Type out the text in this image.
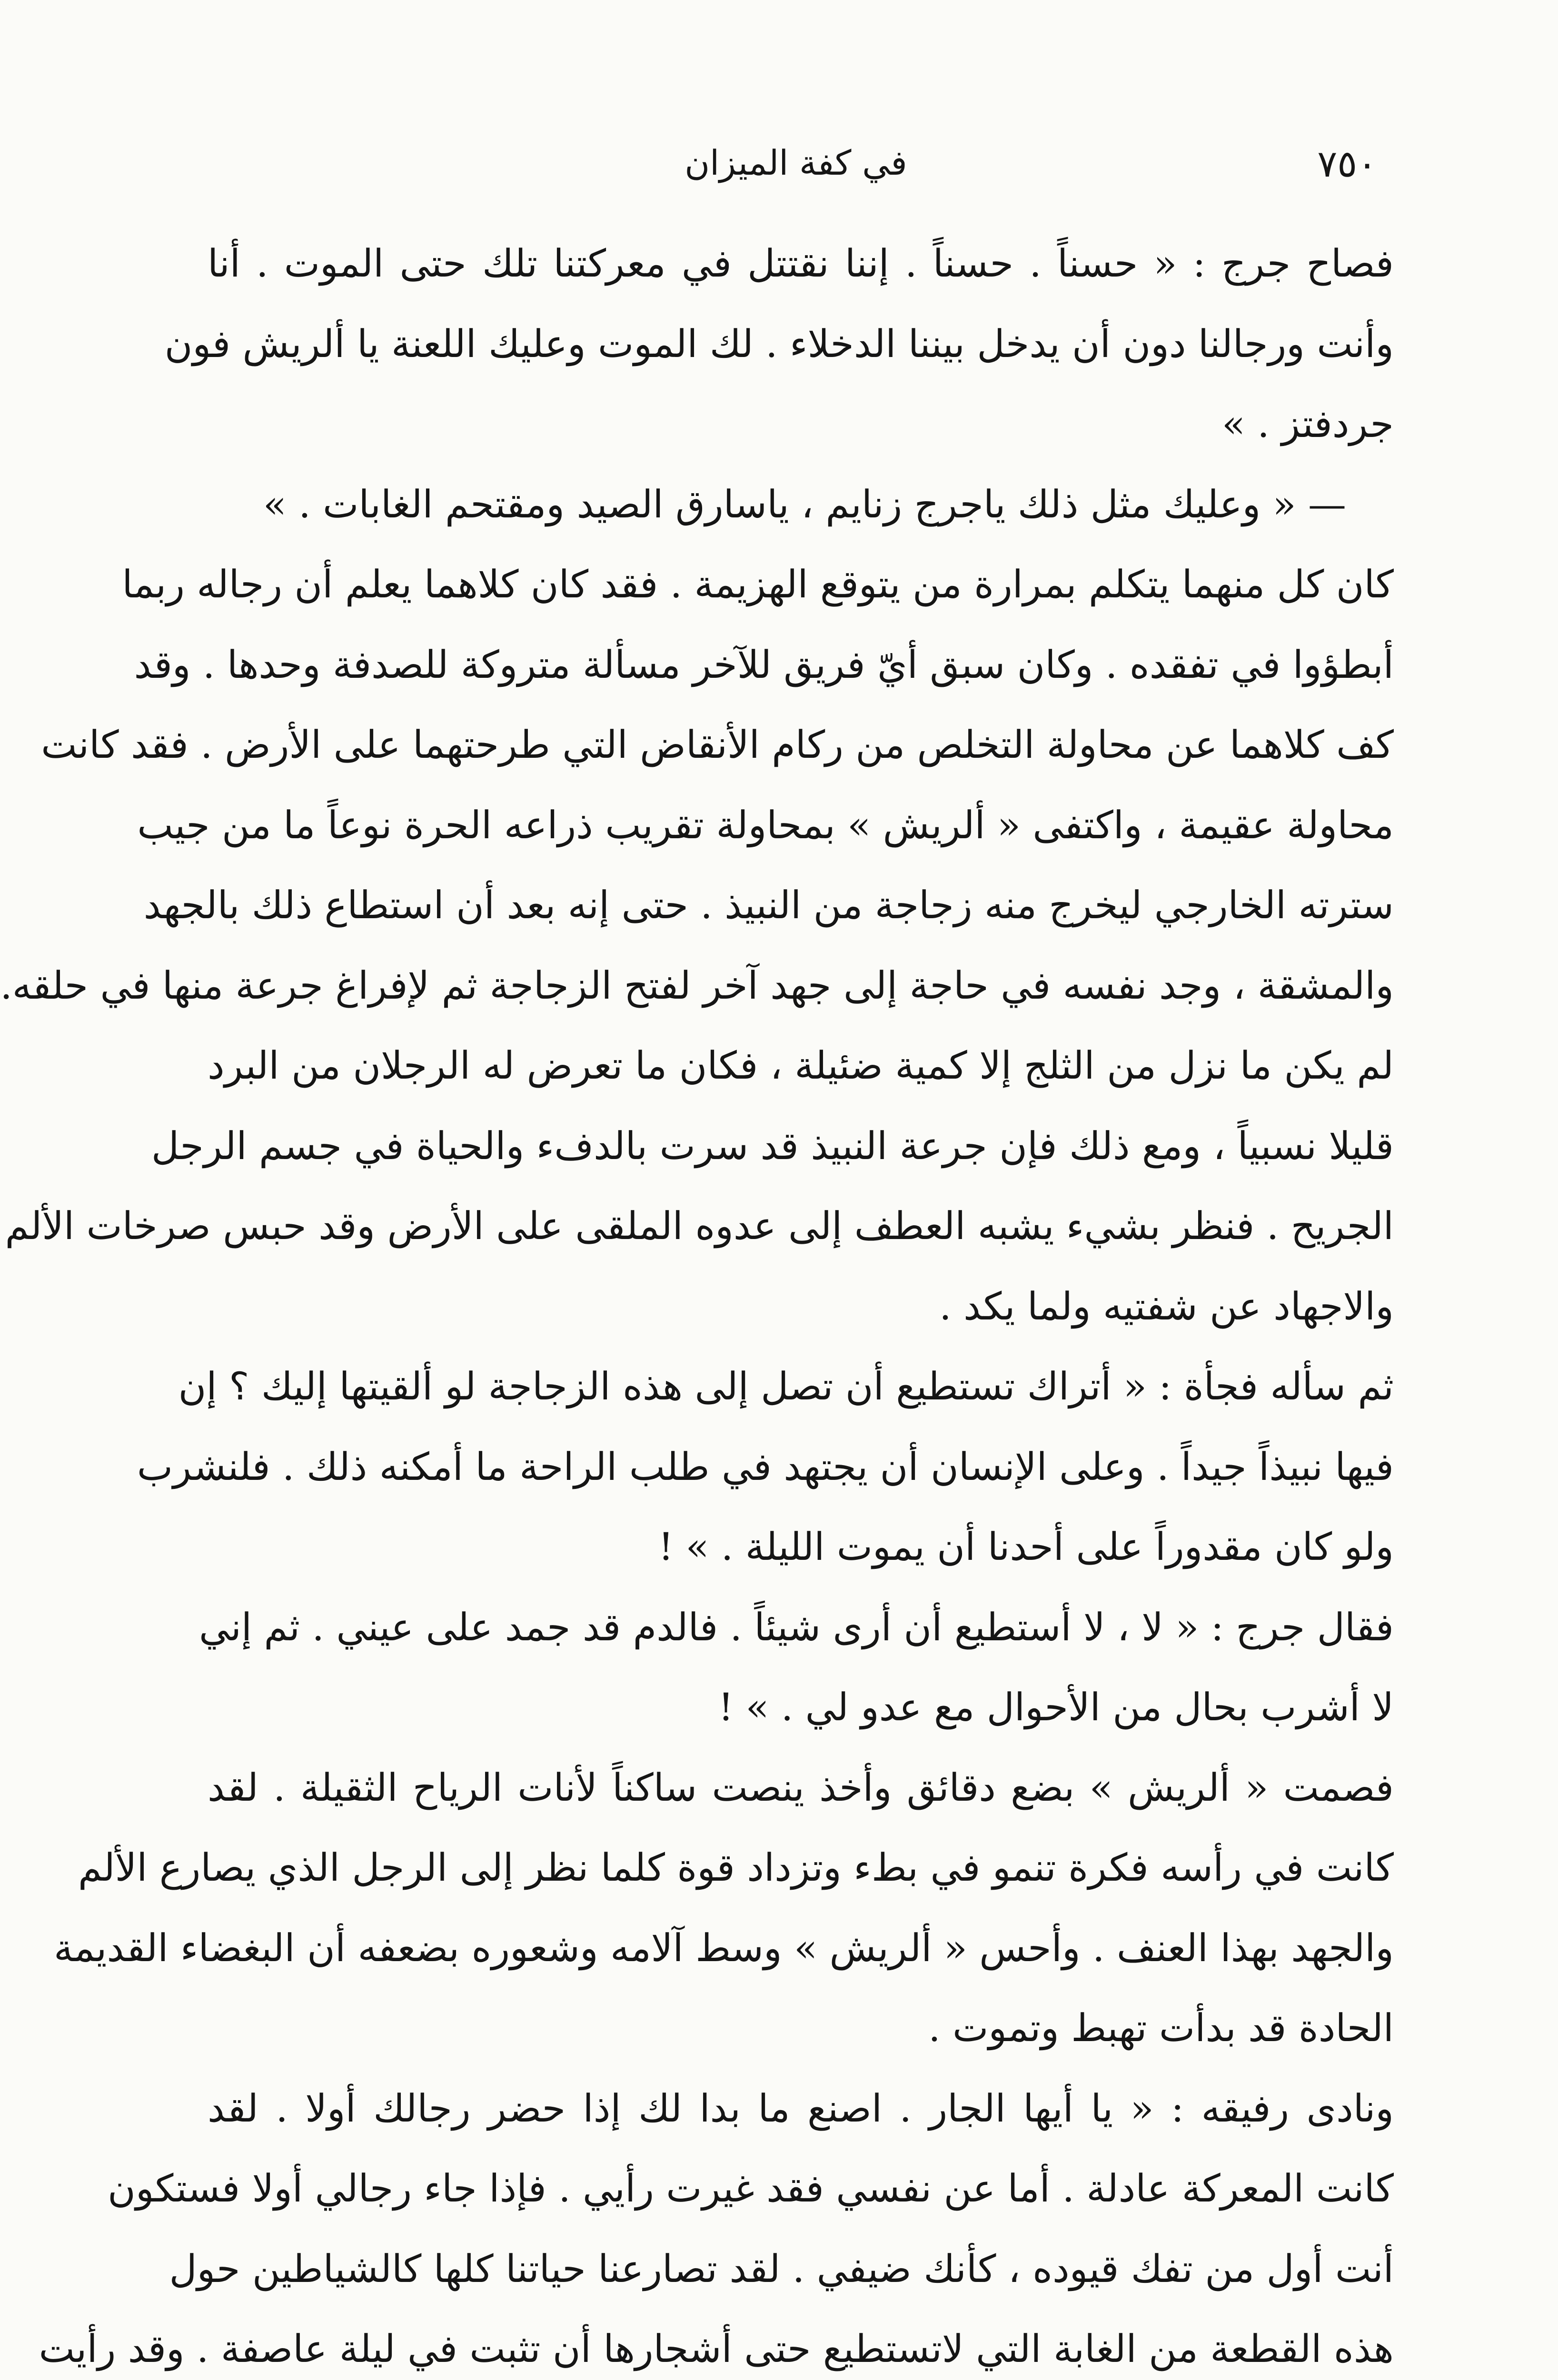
٧٥٠
في كفة الميزان
فصاح جرج : « حسناً . حسناً . إننا نقتتل في معركتنا تلك حتى الموت . أنا
وأنت ورجالنا دون أن يدخل بيننا الدخلاء . لك الموت وعليك اللعنة يا ألريش فون
جردفتز . »
— « وعليك مثل ذلك ياجرج زنايم ، ياسارق الصيد ومقتحم الغابات . »
كان كل منهما يتكلم بمرارة من يتوقع الهزيمة . فقد كان كلاهما يعلم أن رجاله ربما
أبطؤوا في تفقده . وكان سبق أيّ فريق للآخر مسألة متروكة للصدفة وحدها . وقد
كف كلاهما عن محاولة التخلص من ركام الأنقاض التي طرحتهما على الأرض . فقد كانت
محاولة عقيمة ، واكتفى « ألريش » بمحاولة تقريب ذراعه الحرة نوعاً ما من جيب
سترته الخارجي ليخرج منه زجاجة من النبيذ . حتى إنه بعد أن استطاع ذلك بالجهد
والمشقة ، وجد نفسه في حاجة إلى جهد آخر لفتح الزجاجة ثم لإفراغ جرعة منها في حلقه.
لم يكن ما نزل من الثلج إلا كمية ضئيلة ، فكان ما تعرض له الرجلان من البرد
قليلا نسبياً ، ومع ذلك فإن جرعة النبيذ قد سرت بالدفء والحياة في جسم الرجل
الجريح . فنظر بشيء يشبه العطف إلى عدوه الملقى على الأرض وقد حبس صرخات الألم
والاجهاد عن شفتيه ولما يكد .
ثم سأله فجأة : « أتراك تستطيع أن تصل إلى هذه الزجاجة لو ألقيتها إليك ؟ إن
فيها نبيذاً جيداً . وعلى الإنسان أن يجتهد في طلب الراحة ما أمكنه ذلك . فلنشرب
ولو كان مقدوراً على أحدنا أن يموت الليلة . » !
فقال جرج : « لا ، لا أستطيع أن أرى شيئاً . فالدم قد جمد على عيني . ثم إني
لا أشرب بحال من الأحوال مع عدو لي . » !
فصمت « ألريش » بضع دقائق وأخذ ينصت ساكناً لأنات الرياح الثقيلة . لقد
كانت في رأسه فكرة تنمو في بطء وتزداد قوة كلما نظر إلى الرجل الذي يصارع الألم
والجهد بهذا العنف . وأحس « ألريش » وسط آلامه وشعوره بضعفه أن البغضاء القديمة
الحادة قد بدأت تهبط وتموت .
ونادى رفيقه : « يا أيها الجار . اصنع ما بدا لك إذا حضر رجالك أولا . لقد
كانت المعركة عادلة . أما عن نفسي فقد غيرت رأيي . فإذا جاء رجالي أولا فستكون
أنت أول من تفك قيوده ، كأنك ضيفي . لقد تصارعنا حياتنا كلها كالشياطين حول
هذه القطعة من الغابة التي لاتستطيع حتى أشجارها أن تثبت في ليلة عاصفة . وقد رأيت
